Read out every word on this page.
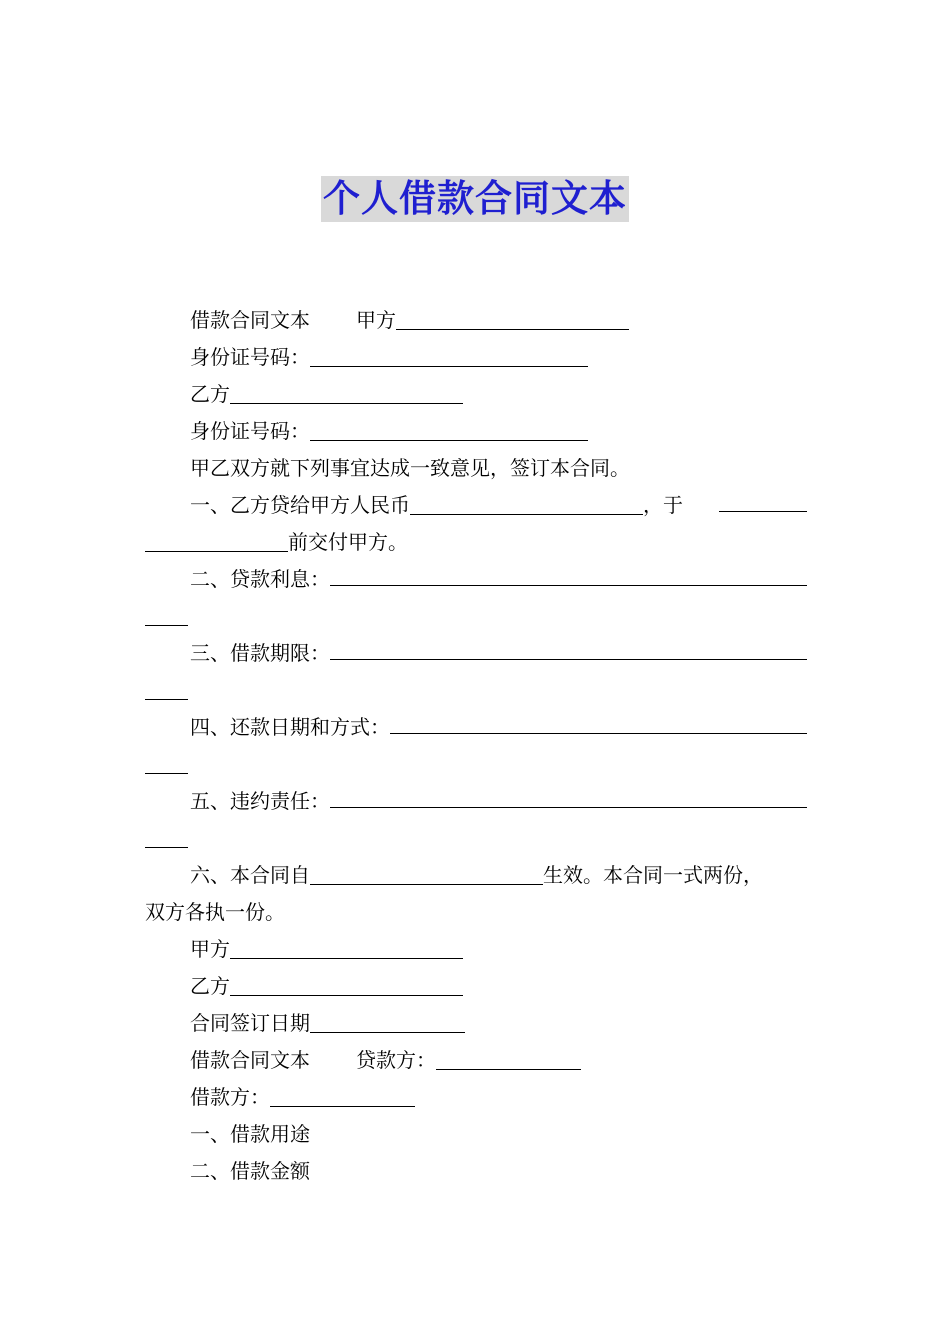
个人借款合同文本
借款合同文本 甲方
身份证号码：
乙方
身份证号码：
甲乙双方就下列事宜达成一致意见，签订本合同。
一、乙方贷给甲方人民币	，于
前交付甲方。
二、贷款利息：
三、借款期限：
四、还款日期和方式：
五、违约责任：
六、本合同自	生效。本合同一式两份，
双方各执一份。
甲方
乙方
合同签订日期
借款合同文本 贷款方：
借款方：
一、借款用途
二、借款金额
